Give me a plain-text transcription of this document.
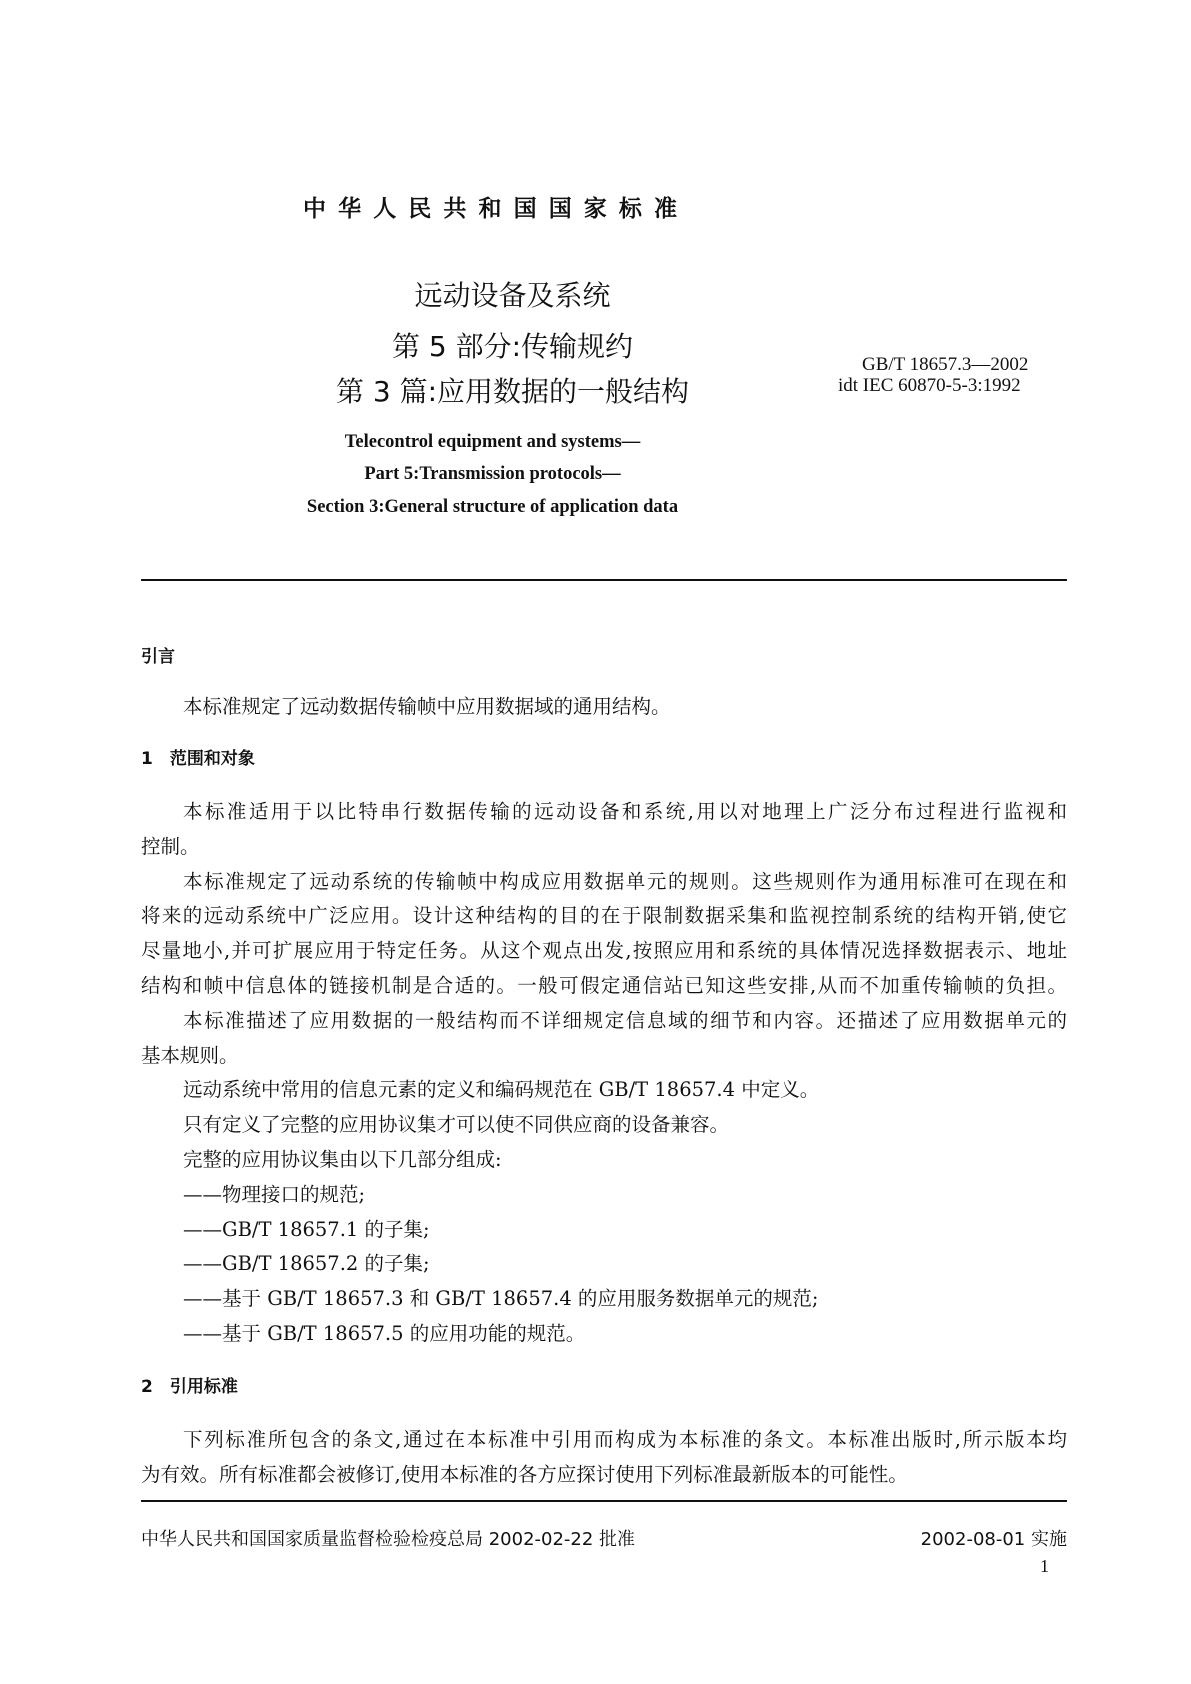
中华人民共和国国家标准
远动设备及系统
第 5 部分:传输规约
第 3 篇:应用数据的一般结构
GB/T 18657.3—2002
idt IEC 60870-5-3:1992
Telecontrol equipment and systems—
Part 5:Transmission protocols—
Section 3:General structure of application data
引言
本标准规定了远动数据传输帧中应用数据域的通用结构。
1　范围和对象
本标准适用于以比特串行数据传输的远动设备和系统,用以对地理上广泛分布过程进行监视和
控制。
本标准规定了远动系统的传输帧中构成应用数据单元的规则。这些规则作为通用标准可在现在和
将来的远动系统中广泛应用。设计这种结构的目的在于限制数据采集和监视控制系统的结构开销,使它
尽量地小,并可扩展应用于特定任务。从这个观点出发,按照应用和系统的具体情况选择数据表示、地址
结构和帧中信息体的链接机制是合适的。一般可假定通信站已知这些安排,从而不加重传输帧的负担。
本标准描述了应用数据的一般结构而不详细规定信息域的细节和内容。还描述了应用数据单元的
基本规则。
远动系统中常用的信息元素的定义和编码规范在 GB/T 18657.4 中定义。
只有定义了完整的应用协议集才可以使不同供应商的设备兼容。
完整的应用协议集由以下几部分组成:
——物理接口的规范;
——GB/T 18657.1 的子集;
——GB/T 18657.2 的子集;
——基于 GB/T 18657.3 和 GB/T 18657.4 的应用服务数据单元的规范;
——基于 GB/T 18657.5 的应用功能的规范。
2　引用标准
下列标准所包含的条文,通过在本标准中引用而构成为本标准的条文。本标准出版时,所示版本均
为有效。所有标准都会被修订,使用本标准的各方应探讨使用下列标准最新版本的可能性。
中华人民共和国国家质量监督检验检疫总局 2002-02-22 批准	2002-08-01 实施
1
